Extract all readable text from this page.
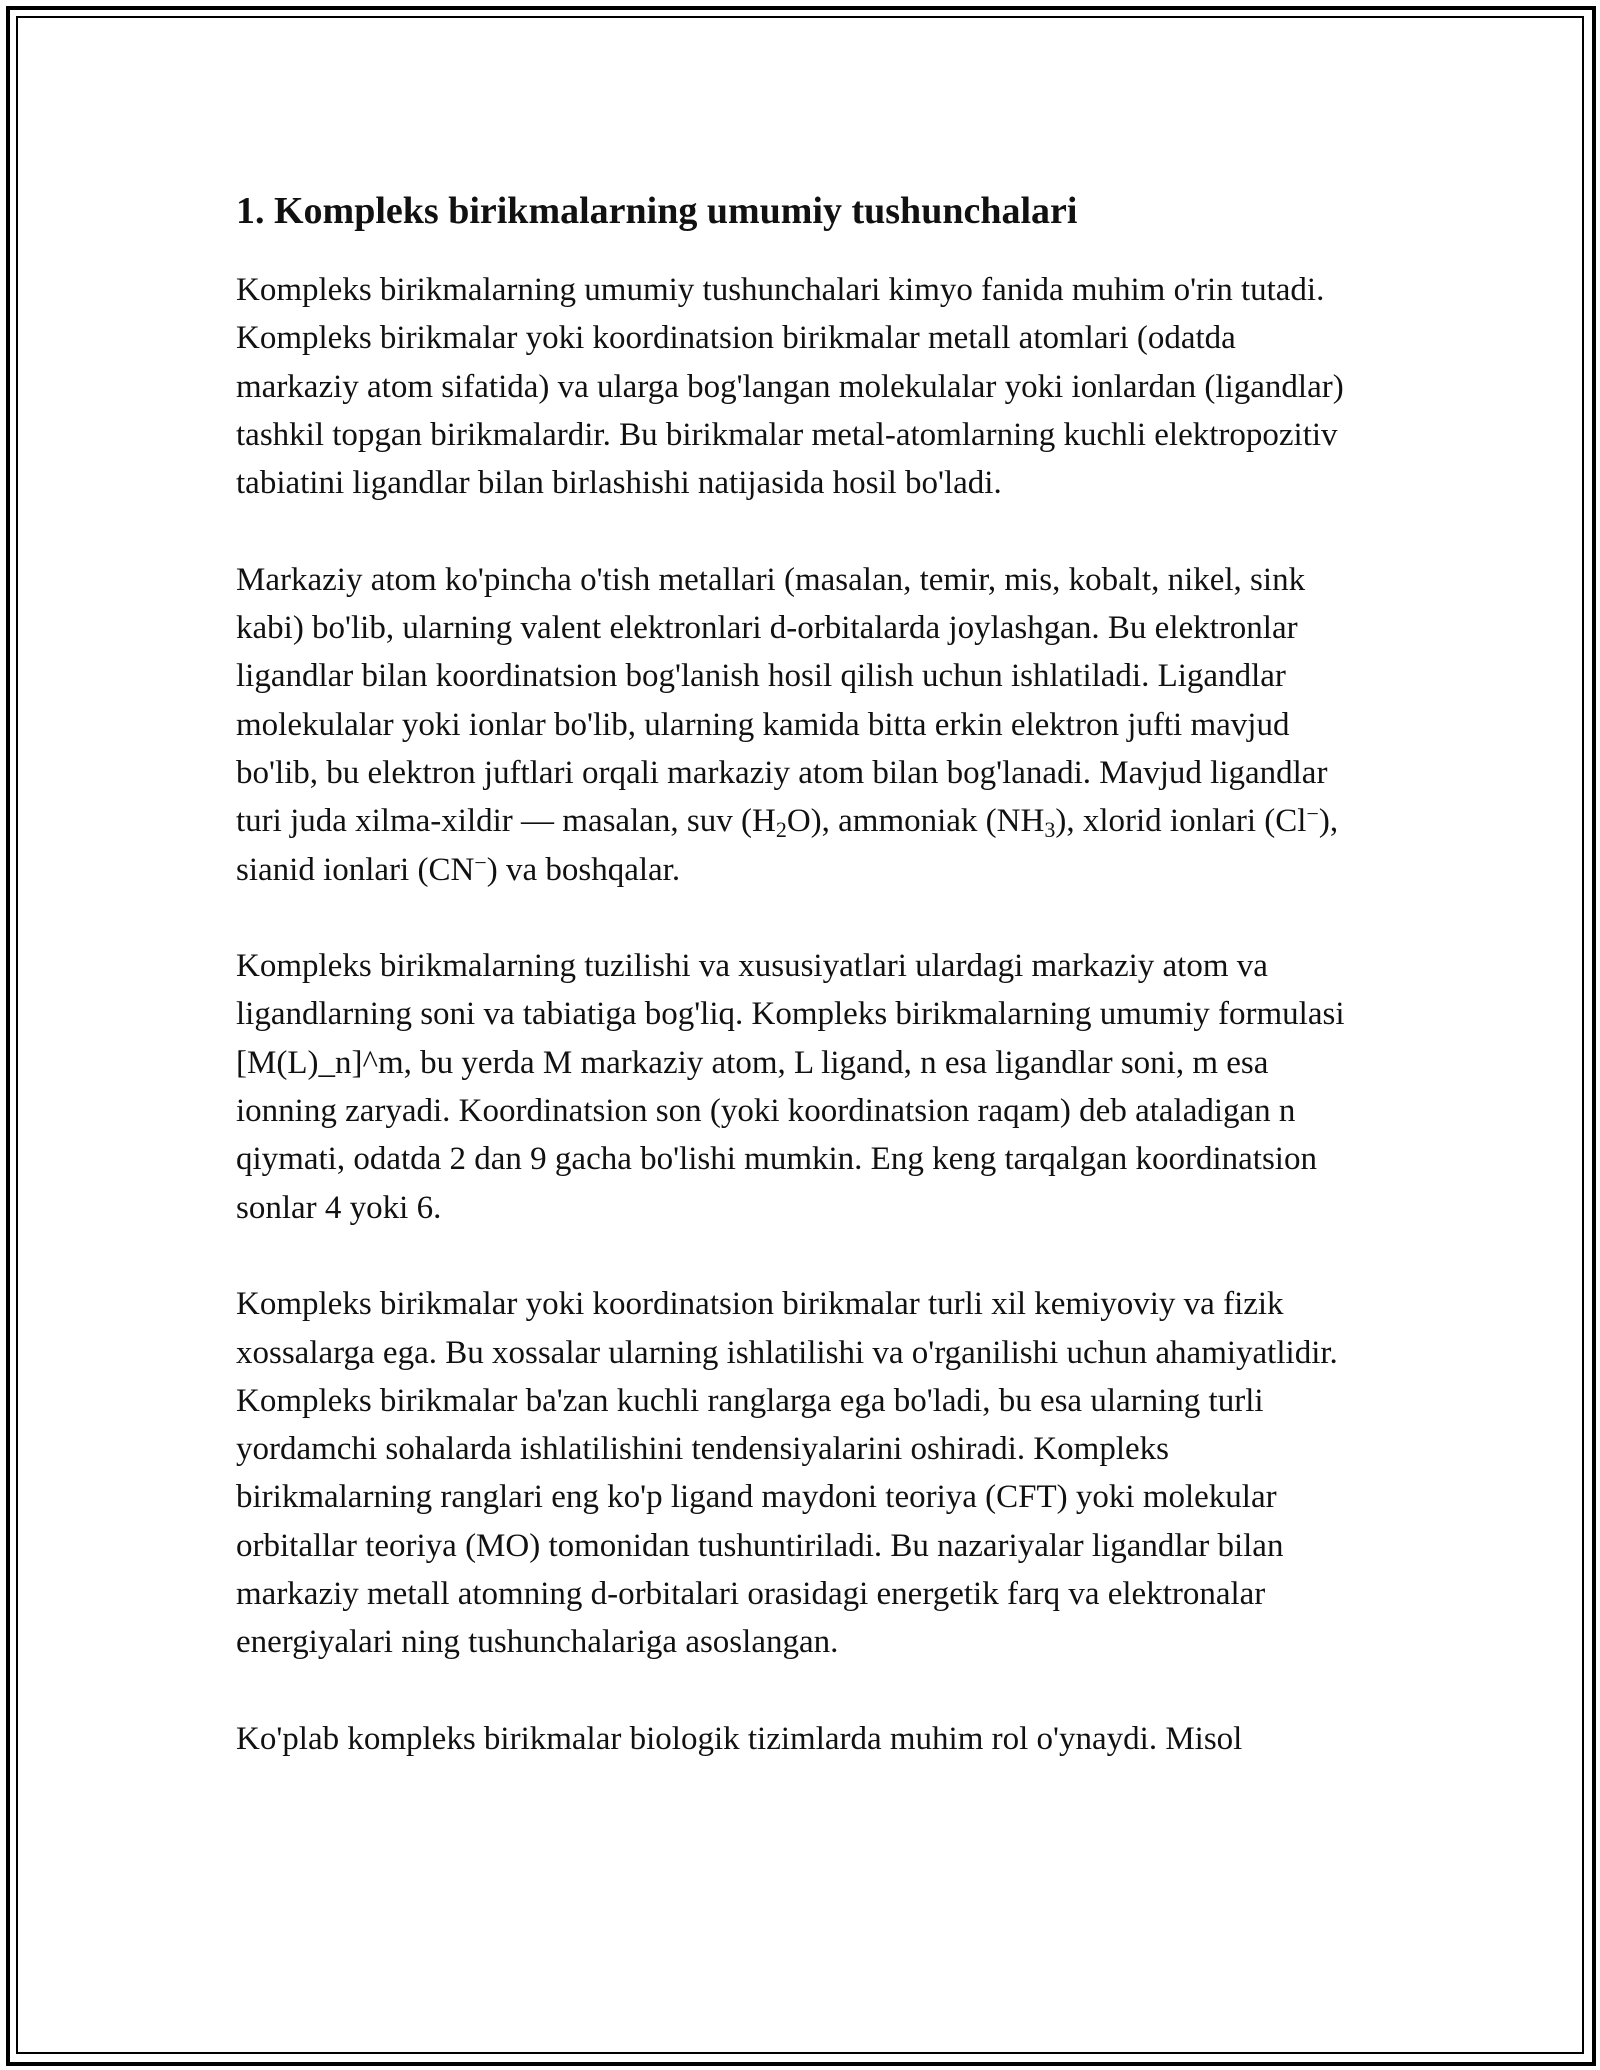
1. Kompleks birikmalarning umumiy tushunchalari

Kompleks birikmalarning umumiy tushunchalari kimyo fanida muhim o'rin tutadi. Kompleks birikmalar yoki koordinatsion birikmalar metall atomlari (odatda markaziy atom sifatida) va ularga bog'langan molekulalar yoki ionlardan (ligandlar) tashkil topgan birikmalardir. Bu birikmalar metal-atomlarning kuchli elektropozitiv tabiatini ligandlar bilan birlashishi natijasida hosil bo'ladi.

Markaziy atom ko'pincha o'tish metallari (masalan, temir, mis, kobalt, nikel, sink kabi) bo'lib, ularning valent elektronlari d-orbitalarda joylashgan. Bu elektronlar ligandlar bilan koordinatsion bog'lanish hosil qilish uchun ishlatiladi. Ligandlar molekulalar yoki ionlar bo'lib, ularning kamida bitta erkin elektron jufti mavjud bo'lib, bu elektron juftlari orqali markaziy atom bilan bog'lanadi. Mavjud ligandlar turi juda xilma-xildir — masalan, suv $(H_2O)$, ammoniak $(NH_3)$, xlorid ionlari (Cl−), sianid ionlari (CN−) va boshqalar.

Kompleks birikmalarning tuzilishi va xususiyatlari ulardagi markaziy atom va ligandlarning soni va tabiatiga bog'liq. Kompleks birikmalarning umumiy formulasi [M(L)_n]^m, bu yerda M markaziy atom, L ligand, n esa ligandlar soni, m esa ionning zaryadi. Koordinatsion son (yoki koordinatsion raqam) deb ataladigan n qiymati, odatda 2 dan 9 gacha bo'lishi mumkin. Eng keng tarqalgan koordinatsion sonlar 4 yoki 6.

Kompleks birikmalar yoki koordinatsion birikmalar turli xil kemiyoviy va fizik xossalarga ega. Bu xossalar ularning ishlatilishi va o'rganilishi uchun ahamiyatlidir. Kompleks birikmalar ba'zan kuchli ranglarga ega bo'ladi, bu esa ularning turli yordamchi sohalarda ishlatilishini tendensiyalarini oshiradi. Kompleks birikmalarning ranglari eng ko'p ligand maydoni teoriya (CFT) yoki molekular orbitallar teoriya (MO) tomonidan tushuntiriladi. Bu nazariyalar ligandlar bilan markaziy metall atomning d-orbitalari orasidagi energetik farq va elektronalar energiyalari ning tushunchalariga asoslangan.

Ko'plab kompleks birikmalar biologik tizimlarda muhim rol o'ynaydi. Misol
